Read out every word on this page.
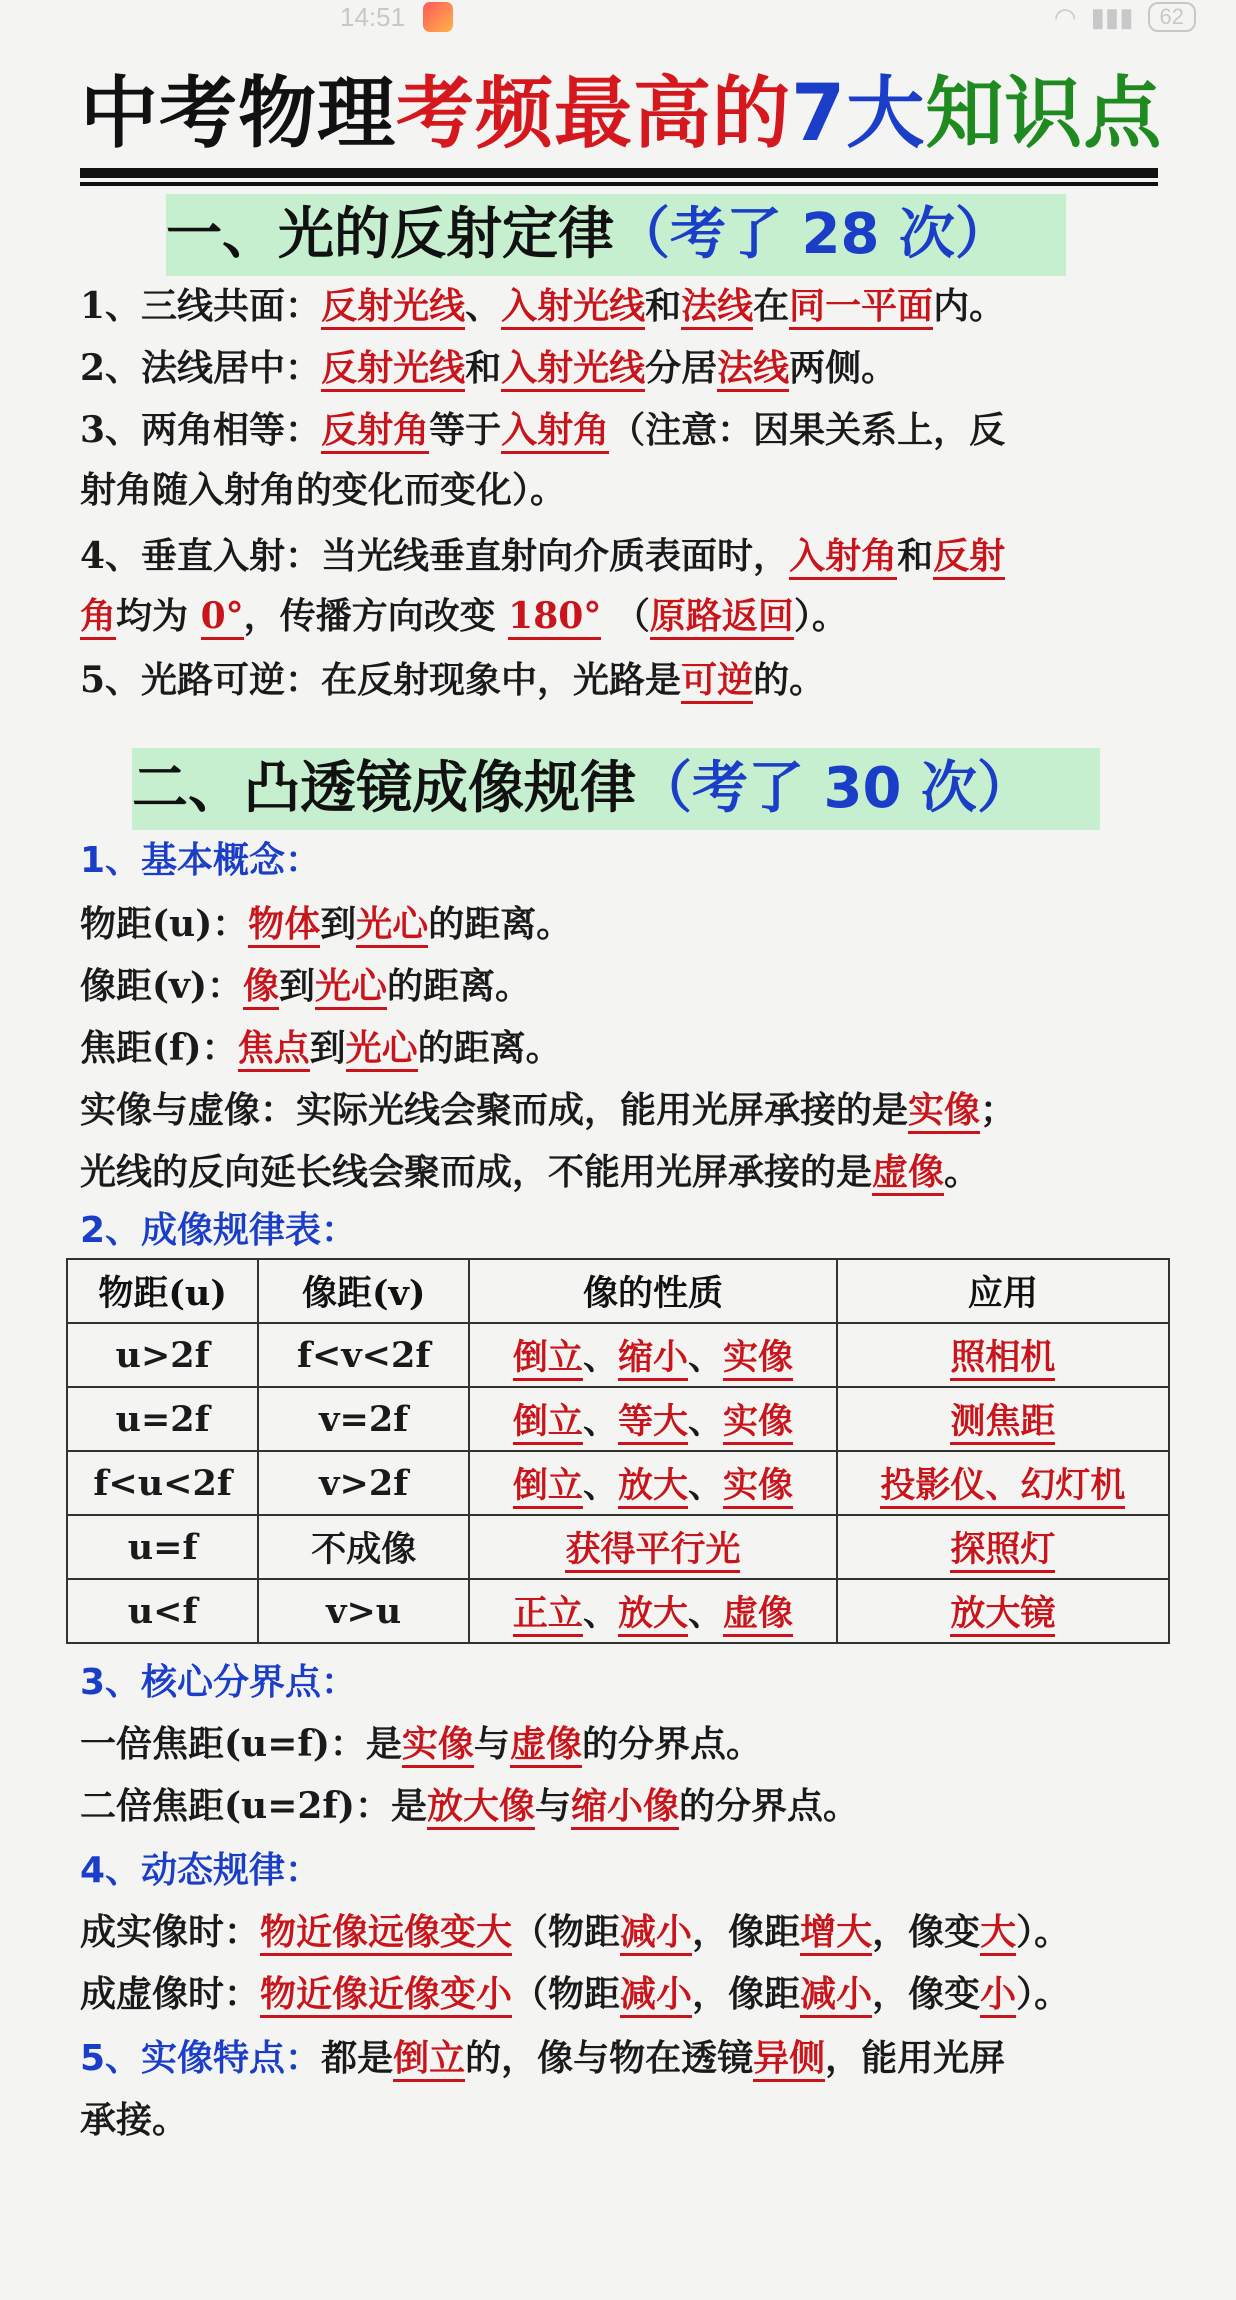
14:51	◠ ▮▮▮	62
中考物理考频最高的7大知识点
一、光的反射定律（考了 28 次）
1、三线共面：反射光线、入射光线和法线在同一平面内。
2、法线居中：反射光线和入射光线分居法线两侧。
3、两角相等：反射角等于入射角（注意：因果关系上，反
射角随入射角的变化而变化）。
4、垂直入射：当光线垂直射向介质表面时，入射角和反射
角均为 0°，传播方向改变 180° （原路返回）。
5、光路可逆：在反射现象中，光路是可逆的。
二、凸透镜成像规律（考了 30 次）
1、基本概念：
物距(u)：物体到光心的距离。
像距(v)：像到光心的距离。
焦距(f)：焦点到光心的距离。
实像与虚像：实际光线会聚而成，能用光屏承接的是实像；
光线的反向延长线会聚而成，不能用光屏承接的是虚像。
2、成像规律表：
物距(u)	像距(v)	像的性质	应用
u>2f	f<v<2f	倒立、缩小、实像	照相机
u=2f	v=2f	倒立、等大、实像	测焦距
f<u<2f	v>2f	倒立、放大、实像	投影仪、幻灯机
u=f	不成像	获得平行光	探照灯
u<f	v>u	正立、放大、虚像	放大镜
3、核心分界点：
一倍焦距(u=f)：是实像与虚像的分界点。
二倍焦距(u=2f)：是放大像与缩小像的分界点。
4、动态规律：
成实像时：物近像远像变大（物距减小，像距增大，像变大）。
成虚像时：物近像近像变小（物距减小，像距减小，像变小）。
5、实像特点：都是倒立的，像与物在透镜异侧，能用光屏
承接。
